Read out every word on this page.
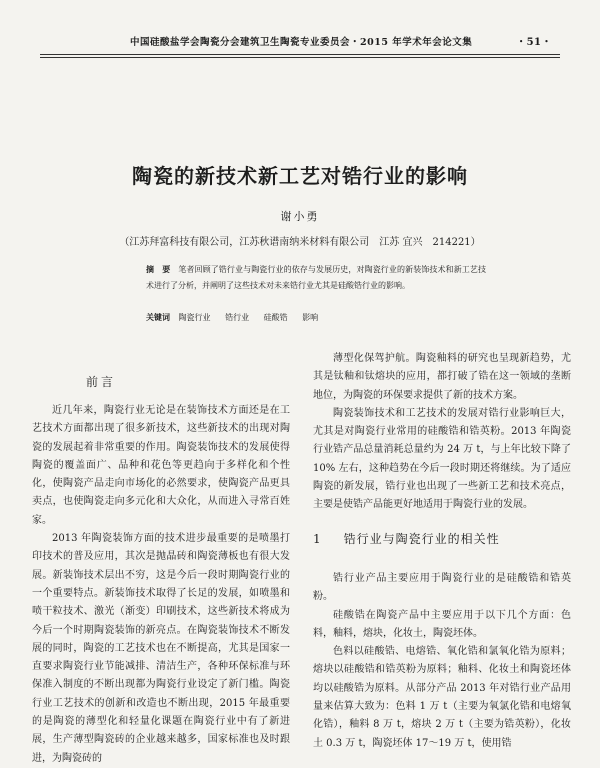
中国硅酸盐学会陶瓷分会建筑卫生陶瓷专业委员会・2015 年学术年会论文集	・51・
陶瓷的新技术新工艺对锆行业的影响
谢小勇
（江苏拜富科技有限公司，江苏秋谱南纳米材料有限公司　江苏 宜兴　214221）
摘　要 笔者回顾了锆行业与陶瓷行业的依存与发展历史，对陶瓷行业的新装饰技术和新工艺技术进行了分析，并阐明了这些技术对未来锆行业尤其是硅酸锆行业的影响。
关键词 陶瓷行业 锆行业 硅酸锆 影响
前言

近几年来，陶瓷行业无论是在装饰技术方面还是在工艺技术方面都出现了很多新技术，这些新技术的出现对陶瓷的发展起着非常重要的作用。陶瓷装饰技术的发展使得陶瓷的覆盖面广、品种和花色等更趋向于多样化和个性化，使陶瓷产品走向市场化的必然要求，使陶瓷产品更具卖点，也使陶瓷走向多元化和大众化，从而进入寻常百姓家。

2013 年陶瓷装饰方面的技术进步最重要的是喷墨打印技术的普及应用，其次是抛晶砖和陶瓷薄板也有很大发展。新装饰技术层出不穷，这是今后一段时期陶瓷行业的一个重要特点。新装饰技术取得了长足的发展，如喷墨和喷干粒技术、激光（渐变）印刷技术，这些新技术将成为今后一个时期陶瓷装饰的新亮点。在陶瓷装饰技术不断发展的同时，陶瓷的工艺技术也在不断提高，尤其是国家一直要求陶瓷行业节能减排、清洁生产，各种环保标准与环保准入制度的不断出现都为陶瓷行业设定了新门槛。陶瓷行业工艺技术的创新和改造也不断出现，2015 年最重要的是陶瓷的薄型化和轻量化课题在陶瓷行业中有了新进展，生产薄型陶瓷砖的企业越来越多，国家标准也及时跟进，为陶瓷砖的

薄型化保驾护航。陶瓷釉料的研究也呈现新趋势，尤其是钛釉和钛熔块的应用，都打破了锆在这一领域的垄断地位，为陶瓷的环保要求提供了新的技术方案。

陶瓷装饰技术和工艺技术的发展对锆行业影响巨大，尤其是对陶瓷行业常用的硅酸锆和锆英粉。2013 年陶瓷行业锆产品总量消耗总量约为 24 万 t，与上年比较下降了 10% 左右，这种趋势在今后一段时期还将继续。为了适应陶瓷的新发展，锆行业也出现了一些新工艺和技术亮点，主要是使锆产品能更好地适用于陶瓷行业的发展。

1 锆行业与陶瓷行业的相关性

锆行业产品主要应用于陶瓷行业的是硅酸锆和锆英粉。

硅酸锆在陶瓷产品中主要应用于以下几个方面：色料，釉料，熔块，化妆土，陶瓷坯体。

色料以硅酸锆、电熔锆、氧化锆和氯氧化锆为原料；熔块以硅酸锆和锆英粉为原料；釉料、化妆土和陶瓷坯体均以硅酸锆为原料。从部分产品 2013 年对锆行业产品用量来估算大致为：色料 1 万 t（主要为氧氯化锆和电熔氧化锆），釉料 8 万 t，熔块 2 万 t（主要为锆英粉），化妆土 0.3 万 t，陶瓷坯体 17～19 万 t，使用锆
